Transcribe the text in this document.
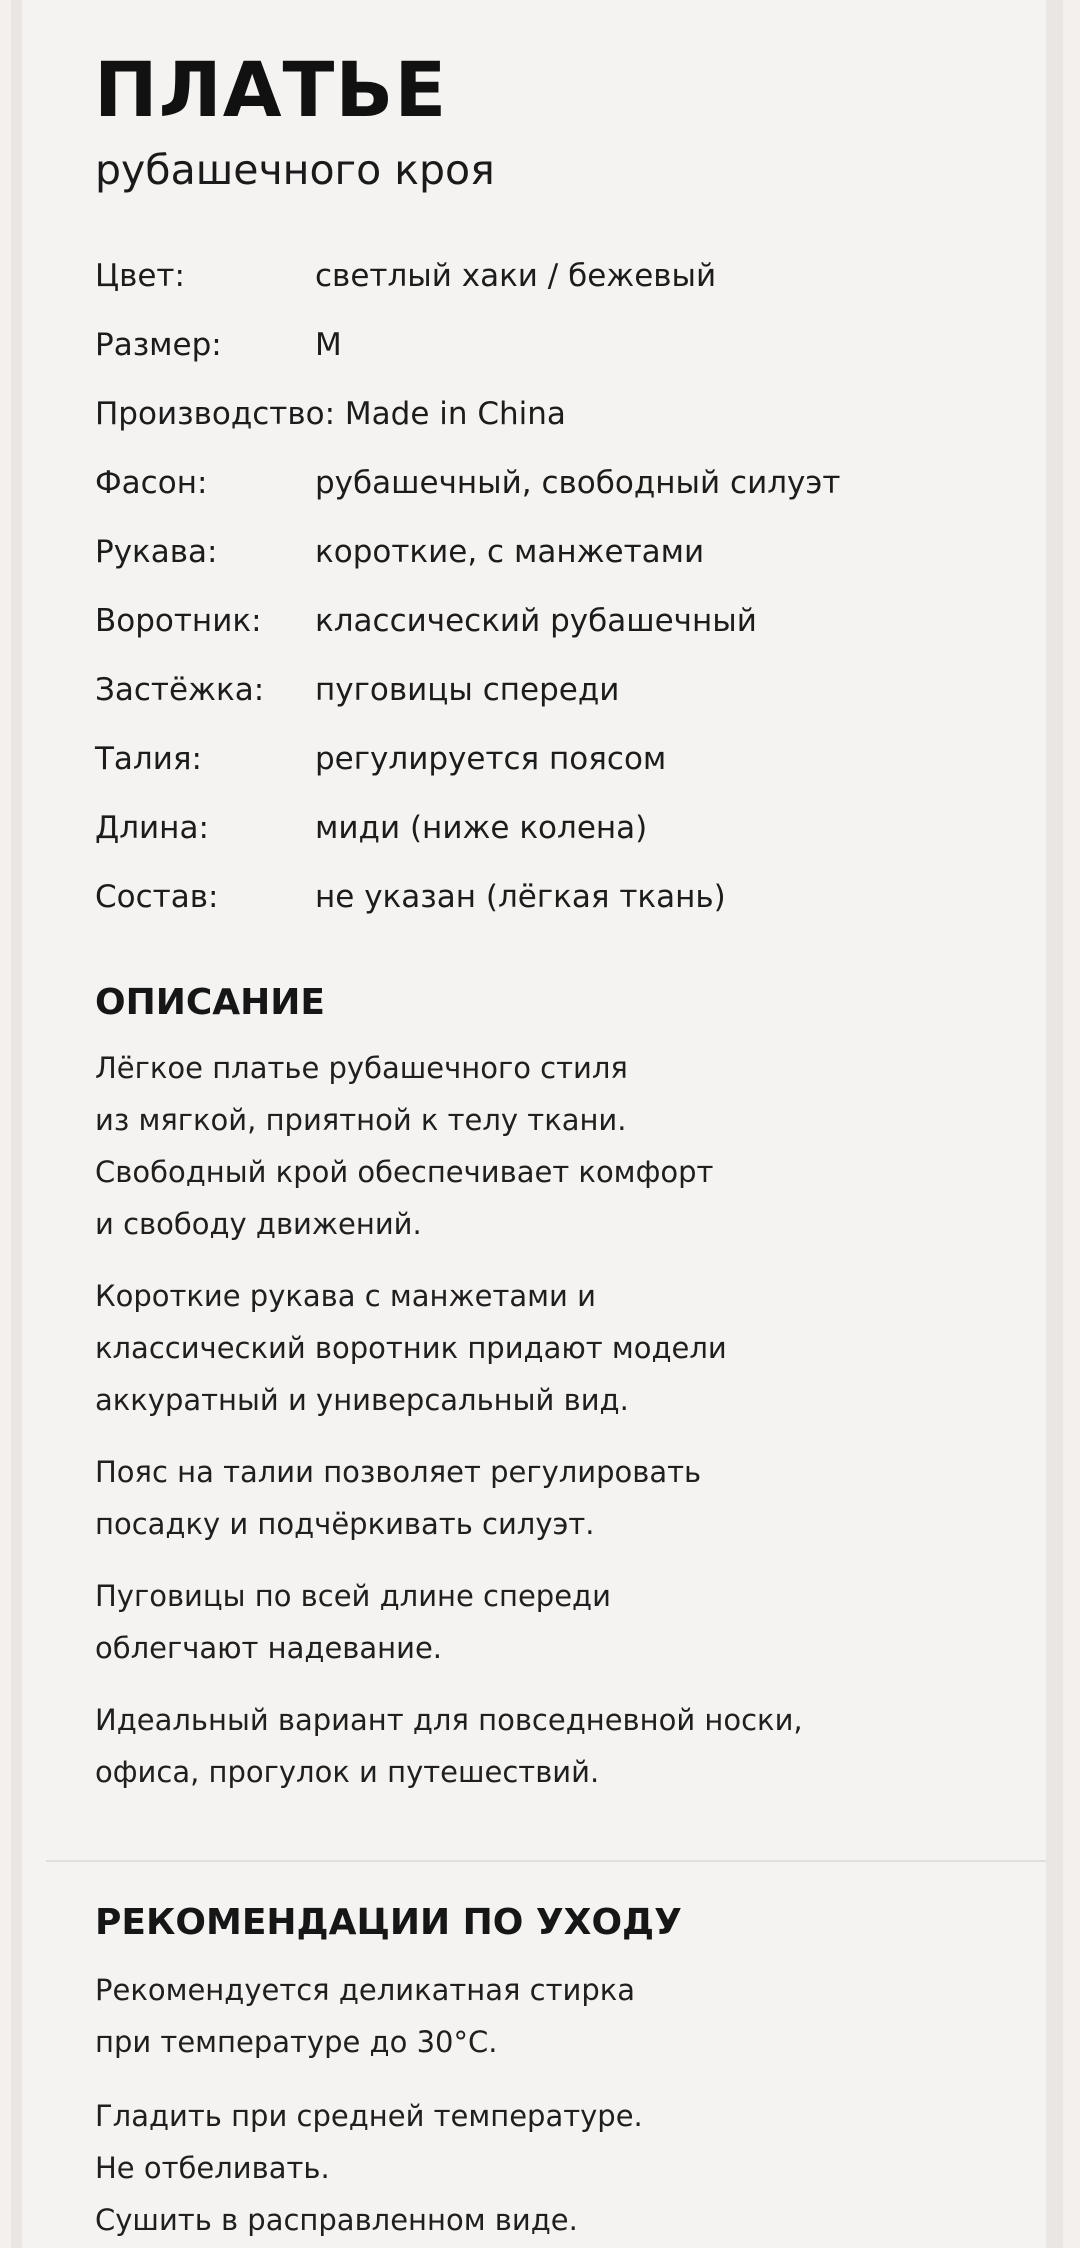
ПЛАТЬЕ
рубашечного кроя
Цвет:	светлый хаки / бежевый
Размер:	M
Производство: Made in China
Фасон:	рубашечный, свободный силуэт
Рукава:	короткие, с манжетами
Воротник: классический рубашечный
Застёжка: пуговицы спереди
Талия:	регулируется поясом
Длина:	миди (ниже колена)
Состав:	не указан (лёгкая ткань)
ОПИСАНИЕ
Лёгкое платье рубашечного стиля
из мягкой, приятной к телу ткани.
Свободный крой обеспечивает комфорт
и свободу движений.
Короткие рукава с манжетами и
классический воротник придают модели
аккуратный и универсальный вид.
Пояс на талии позволяет регулировать
посадку и подчёркивать силуэт.
Пуговицы по всей длине спереди
облегчают надевание.
Идеальный вариант для повседневной носки,
офиса, прогулок и путешествий.
РЕКОМЕНДАЦИИ ПО УХОДУ
Рекомендуется деликатная стирка
при температуре до 30°C.
Гладить при средней температуре.
Не отбеливать.
Сушить в расправленном виде.
